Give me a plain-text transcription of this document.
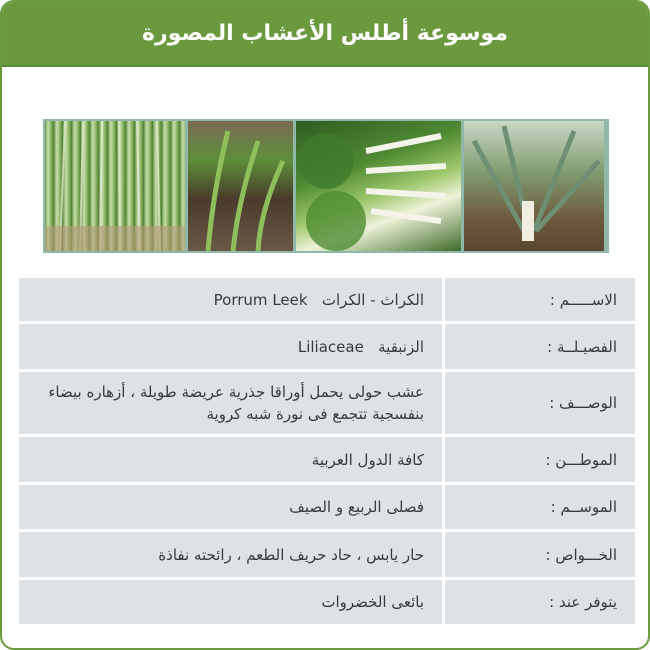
موسوعة أطلس الأعشاب المصورة
الاســـــم :	الكراث - الكرات   Porrum Leek
الفصيـلــة :	الزنبقية   Liliaceae
الوصـــف :	عشب حولى يحمل أوراقا جذرية عريضة طويلة ، أزهاره بيضاء بنفسجية تتجمع فى نورة شبه كروية
الموطـــن :	كافة الدول العربية
الموســم :	فصلى الربيع و الصيف
الخـــواص :	حار يابس ، حاد حريف الطعم ، رائحته نفاذة
يتوفر عند :	بائعى الخضروات
